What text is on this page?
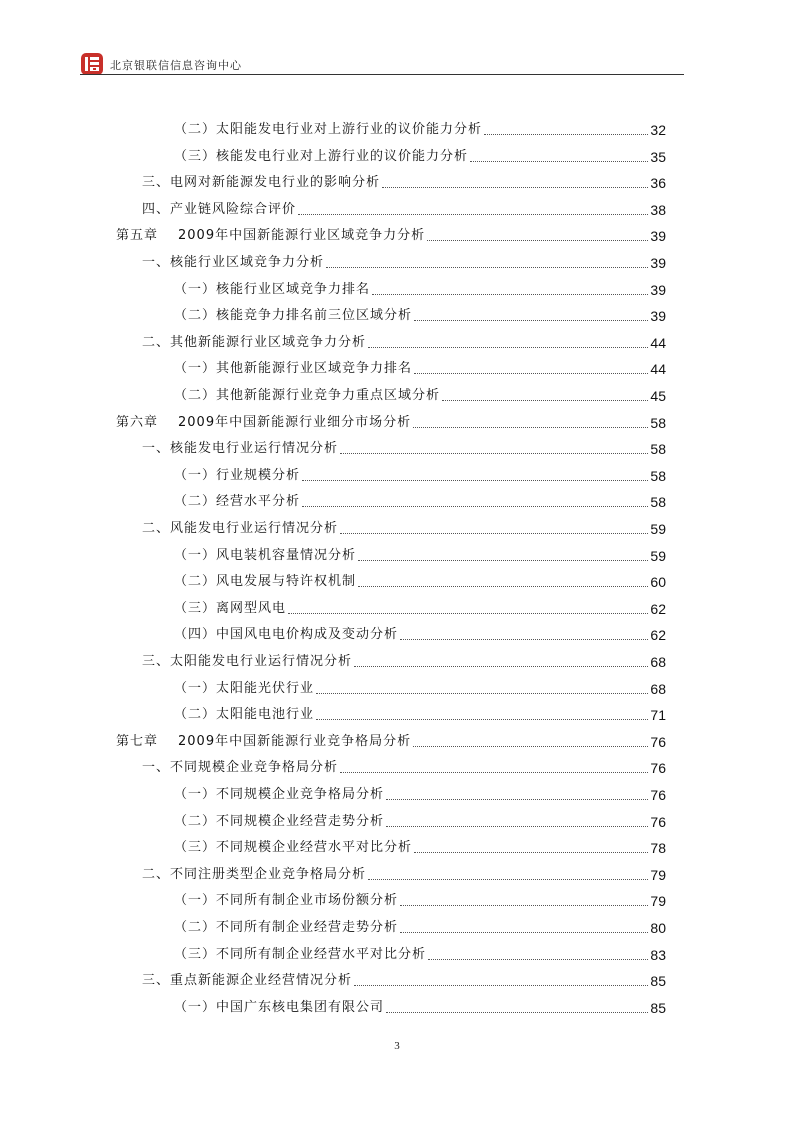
北京银联信信息咨询中心
（二）太阳能发电行业对上游行业的议价能力分析	32
（三）核能发电行业对上游行业的议价能力分析	35
三、电网对新能源发电行业的影响分析	36
四、产业链风险综合评价	38
第五章 2009年中国新能源行业区域竞争力分析	39
一、核能行业区域竞争力分析	39
（一）核能行业区域竞争力排名	39
（二）核能竞争力排名前三位区域分析	39
二、其他新能源行业区域竞争力分析	44
（一）其他新能源行业区域竞争力排名	44
（二）其他新能源行业竞争力重点区域分析	45
第六章 2009年中国新能源行业细分市场分析	58
一、核能发电行业运行情况分析	58
（一）行业规模分析	58
（二）经营水平分析	58
二、风能发电行业运行情况分析	59
（一）风电装机容量情况分析	59
（二）风电发展与特许权机制	60
（三）离网型风电	62
（四）中国风电电价构成及变动分析	62
三、太阳能发电行业运行情况分析	68
（一）太阳能光伏行业	68
（二）太阳能电池行业	71
第七章 2009年中国新能源行业竞争格局分析	76
一、不同规模企业竞争格局分析	76
（一）不同规模企业竞争格局分析	76
（二）不同规模企业经营走势分析	76
（三）不同规模企业经营水平对比分析	78
二、不同注册类型企业竞争格局分析	79
（一）不同所有制企业市场份额分析	79
（二）不同所有制企业经营走势分析	80
（三）不同所有制企业经营水平对比分析	83
三、重点新能源企业经营情况分析	85
（一）中国广东核电集团有限公司	85
3
